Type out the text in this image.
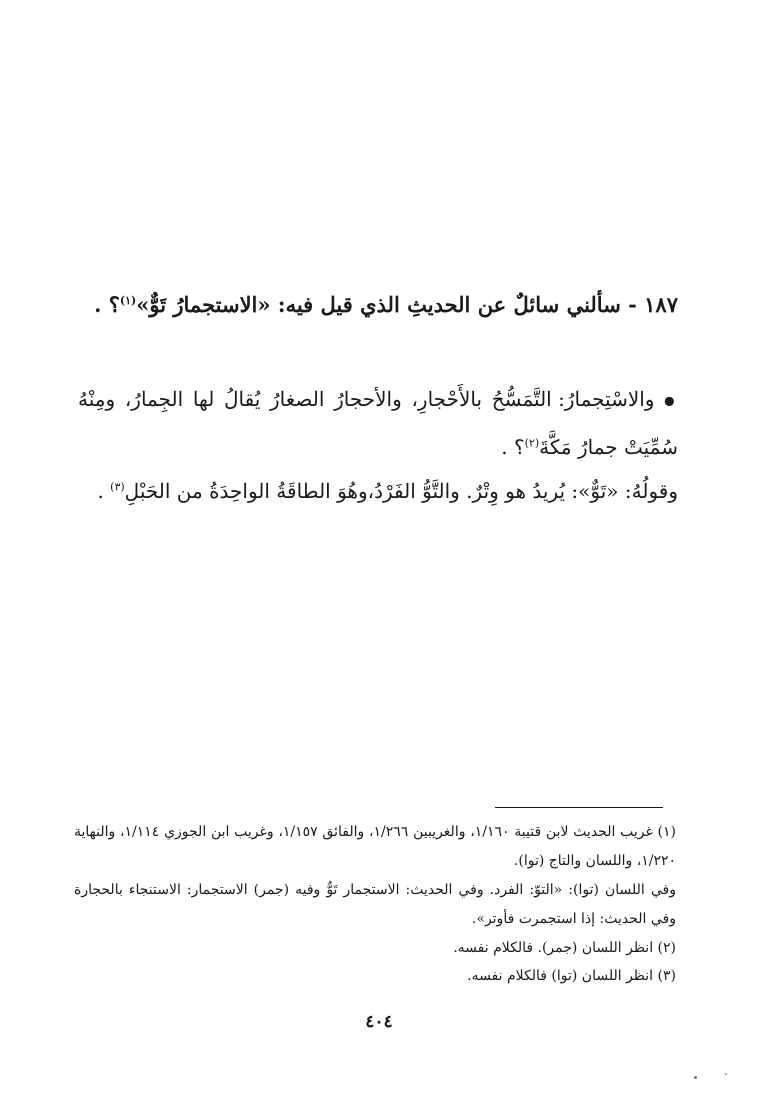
١٨٧ - سألني سائلٌ عن الحديثِ الذي قيل فيه: «الاستجمارُ تَوٌّ»$^{(١)}$؟ .

● والاسْتِجمارُ: التَّمَسُّحُ بالأَحْجارِ، والأحجارُ الصغارُ يُقالُ لها الجِمارُ، ومِنْهُ سُمِّيَتْ جمارُ مَكَّةَ$^{(٢)}$؟ .

وقولُهُ: «تَوٌّ»: يُريدُ هو وِتْرٌ. والتَّوُّ الفَرْدُ،وهُوَ الطاقَةُ الواحِدَةُ من الحَبْلِ$^{(٣)}$ .

(١) غريب الحديث لابن قتيبة ١/١٦٠، والغريبين ١/٢٦٦، والفائق ١/١٥٧، وغريب ابن الجوزي ١/١١٤، والنهاية ١/٢٢٠، واللسان والتاج (توا).

وفي اللسان (توا): «التوّ: الفرد. وفي الحديث: الاستجمار تَوٌّ وفيه (جمر) الاستجمار: الاستنجاء بالحجارة وفي الحديث: إذا استجمرت فأوتر».

(٢) انظر اللسان (جمر). فالكلام نفسه.

(٣) انظر اللسان (توا) فالكلام نفسه.

٤٠٤
